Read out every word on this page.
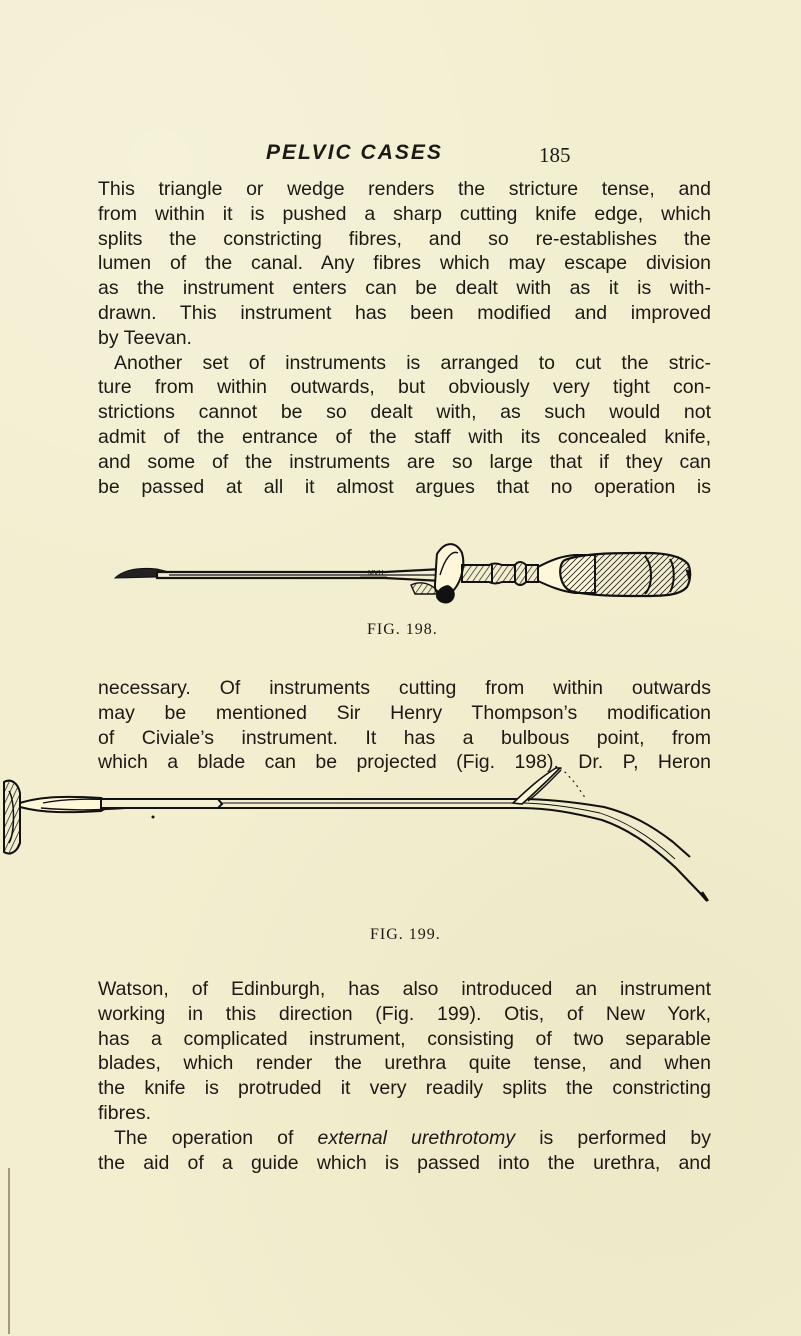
PELVIC CASES	185
This triangle or wedge renders the stricture tense, and
from within it is pushed a sharp cutting knife edge, which
splits the constricting fibres, and so re-establishes the
lumen of the canal. Any fibres which may escape division
as the instrument enters can be dealt with as it is with-
drawn. This instrument has been modified and improved
by Teevan.
Another set of instruments is arranged to cut the stric-
ture from within outwards, but obviously very tight con-
strictions cannot be so dealt with, as such would not
admit of the entrance of the staff with its concealed knife,
and some of the instruments are so large that if they can
be passed at all it almost argues that no operation is
MVH
FIG. 198.
necessary. Of instruments cutting from within outwards
may be mentioned Sir Henry Thompson’s modification
of Civiale’s instrument. It has a bulbous point, from
which a blade can be projected (Fig. 198). Dr. P, Heron
FIG. 199.
Watson, of Edinburgh, has also introduced an instrument
working in this direction (Fig. 199). Otis, of New York,
has a complicated instrument, consisting of two separable
blades, which render the urethra quite tense, and when
the knife is protruded it very readily splits the constricting
fibres.
The operation of external urethrotomy is performed by
the aid of a guide which is passed into the urethra, and
